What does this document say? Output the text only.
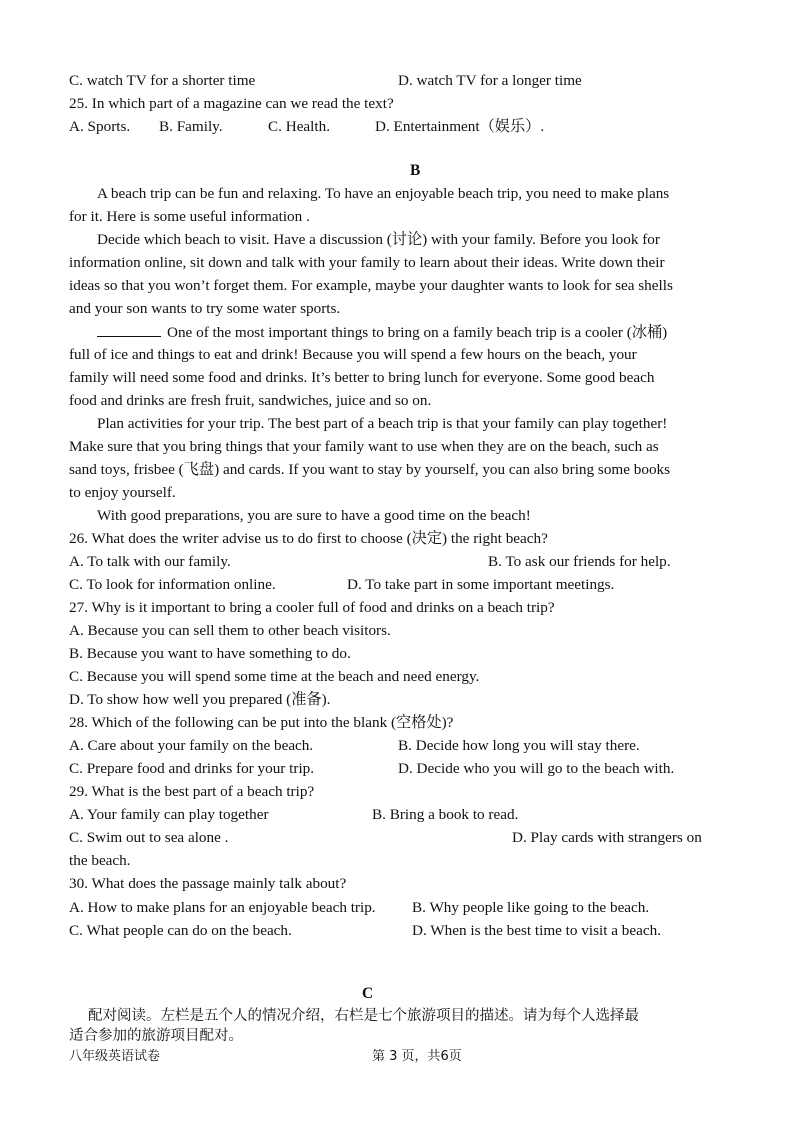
C. watch TV for a shorter time	D. watch TV for a longer time
25. In which part of a magazine can we read the text?
A. Sports. B. Family.	C. Health.	D. Entertainment（娱乐）.
B
A beach trip can be fun and relaxing. To have an enjoyable beach trip, you need to make plans
for it. Here is some useful information .
Decide which beach to visit. Have a discussion (讨论) with your family. Before you look for
information online, sit down and talk with your family to learn about their ideas. Write down their
ideas so that you won’t forget them. For example, maybe your daughter wants to look for sea shells
and your son wants to try some water sports.
One of the most important things to bring on a family beach trip is a cooler (冰桶)
full of ice and things to eat and drink! Because you will spend a few hours on the beach, your
family will need some food and drinks. It’s better to bring lunch for everyone. Some good beach
food and drinks are fresh fruit, sandwiches, juice and so on.
Plan activities for your trip. The best part of a beach trip is that your family can play together!
Make sure that you bring things that your family want to use when they are on the beach, such as
sand toys, frisbee (飞盘) and cards. If you want to stay by yourself, you can also bring some books
to enjoy yourself.
With good preparations, you are sure to have a good time on the beach!
26. What does the writer advise us to do first to choose (决定) the right beach?
A. To talk with our family.	B. To ask our friends for help.
C. To look for information online.	D. To take part in some important meetings.
27. Why is it important to bring a cooler full of food and drinks on a beach trip?
A. Because you can sell them to other beach visitors.
B. Because you want to have something to do.
C. Because you will spend some time at the beach and need energy.
D. To show how well you prepared (准备).
28. Which of the following can be put into the blank (空格处)?
A. Care about your family on the beach.	B. Decide how long you will stay there.
C. Prepare food and drinks for your trip.	D. Decide who you will go to the beach with.
29. What is the best part of a beach trip?
A. Your family can play together	B. Bring a book to read.
C. Swim out to sea alone .	D. Play cards with strangers on
the beach.
30. What does the passage mainly talk about?
A. How to make plans for an enjoyable beach trip. B. Why people like going to the beach.
C. What people can do on the beach.	D. When is the best time to visit a beach.
C
配对阅读。左栏是五个人的情况介绍，右栏是七个旅游项目的描述。请为每个人选择最
适合参加的旅游项目配对。
八年级英语试卷	第 3 页，共6页
